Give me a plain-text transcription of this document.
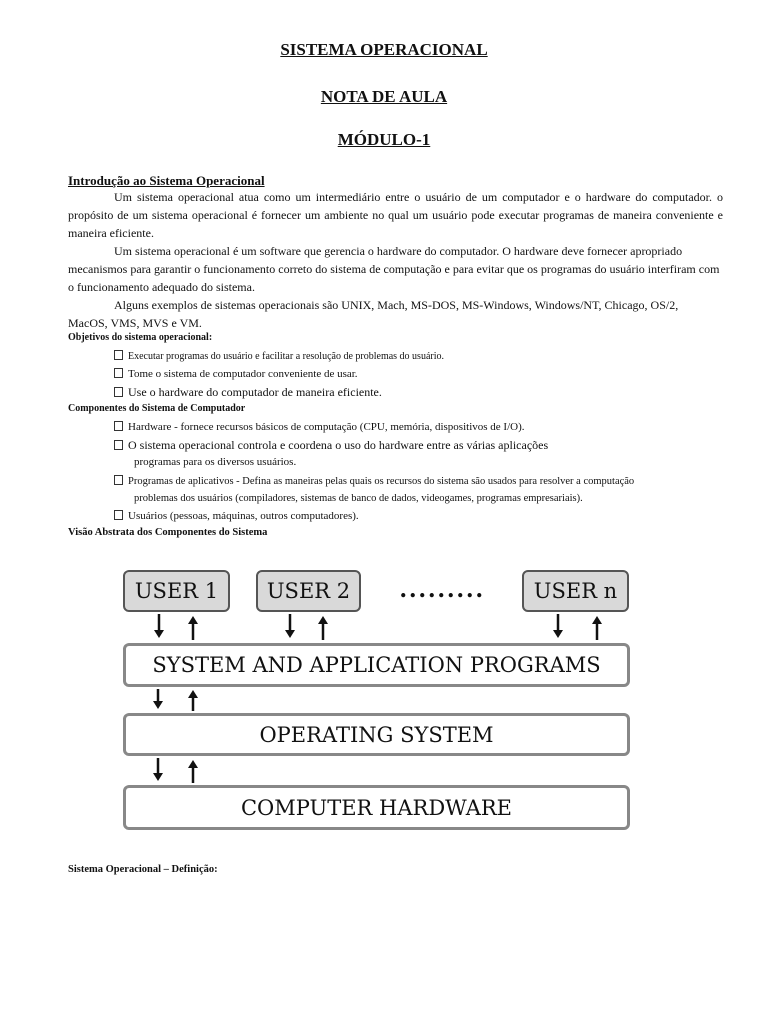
SISTEMA OPERACIONAL
NOTA DE AULA
MÓDULO-1
Introdução ao Sistema Operacional
Um sistema operacional atua como um intermediário entre o usuário de um computador e o hardware do computador. o propósito de um sistema operacional é fornecer um ambiente no qual um usuário pode executar programas de maneira conveniente e maneira eficiente.
Um sistema operacional é um software que gerencia o hardware do computador. O hardware deve fornecer apropriado mecanismos para garantir o funcionamento correto do sistema de computação e para evitar que os programas do usuário interfiram com o funcionamento adequado do sistema.
Alguns exemplos de sistemas operacionais são UNIX, Mach, MS-DOS, MS-Windows, Windows/NT, Chicago, OS/2, MacOS, VMS, MVS e VM.
Objetivos do sistema operacional:
Executar programas do usuário e facilitar a resolução de problemas do usuário.
Tome o sistema de computador conveniente de usar.
Use o hardware do computador de maneira eficiente.
Componentes do Sistema de Computador
Hardware - fornece recursos básicos de computação (CPU, memória, dispositivos de I/O).
O sistema operacional controla e coordena o uso do hardware entre as várias aplicações
programas para os diversos usuários.
Programas de aplicativos - Defina as maneiras pelas quais os recursos do sistema são usados para resolver a computação
problemas dos usuários (compiladores, sistemas de banco de dados, videogames, programas empresariais).
Usuários (pessoas, máquinas, outros computadores).
Visão Abstrata dos Componentes do Sistema
USER 1	USER 2	.........	USER n
SYSTEM AND APPLICATION PROGRAMS
OPERATING SYSTEM
COMPUTER HARDWARE
Sistema Operacional – Definição:
